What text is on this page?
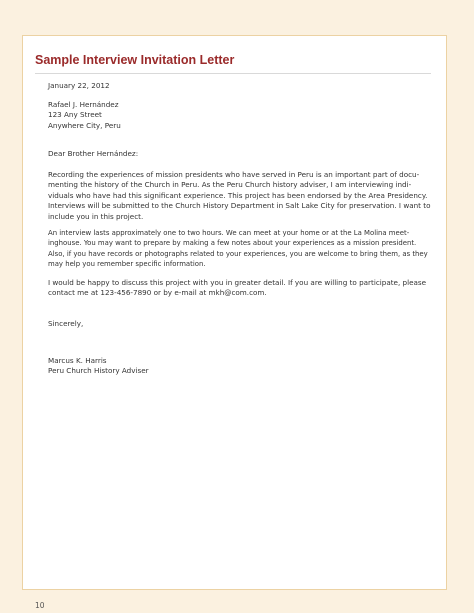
Sample Interview Invitation Letter
January 22, 2012
Rafael J. Hernández
123 Any Street
Anywhere City, Peru
Dear Brother Hernández:
Recording the experiences of mission presidents who have served in Peru is an important part of docu-
menting the history of the Church in Peru. As the Peru Church history adviser, I am interviewing indi-
viduals who have had this significant experience. This project has been endorsed by the Area Presidency.
Interviews will be submitted to the Church History Department in Salt Lake City for preservation. I want to
include you in this project.
An interview lasts approximately one to two hours. We can meet at your home or at the La Molina meet-
inghouse. You may want to prepare by making a few notes about your experiences as a mission president.
Also, if you have records or photographs related to your experiences, you are welcome to bring them, as they
may help you remember specific information.
I would be happy to discuss this project with you in greater detail. If you are willing to participate, please
contact me at 123-456-7890 or by e-mail at mkh@com.com.
Sincerely,
Marcus K. Harris
Peru Church History Adviser
10
